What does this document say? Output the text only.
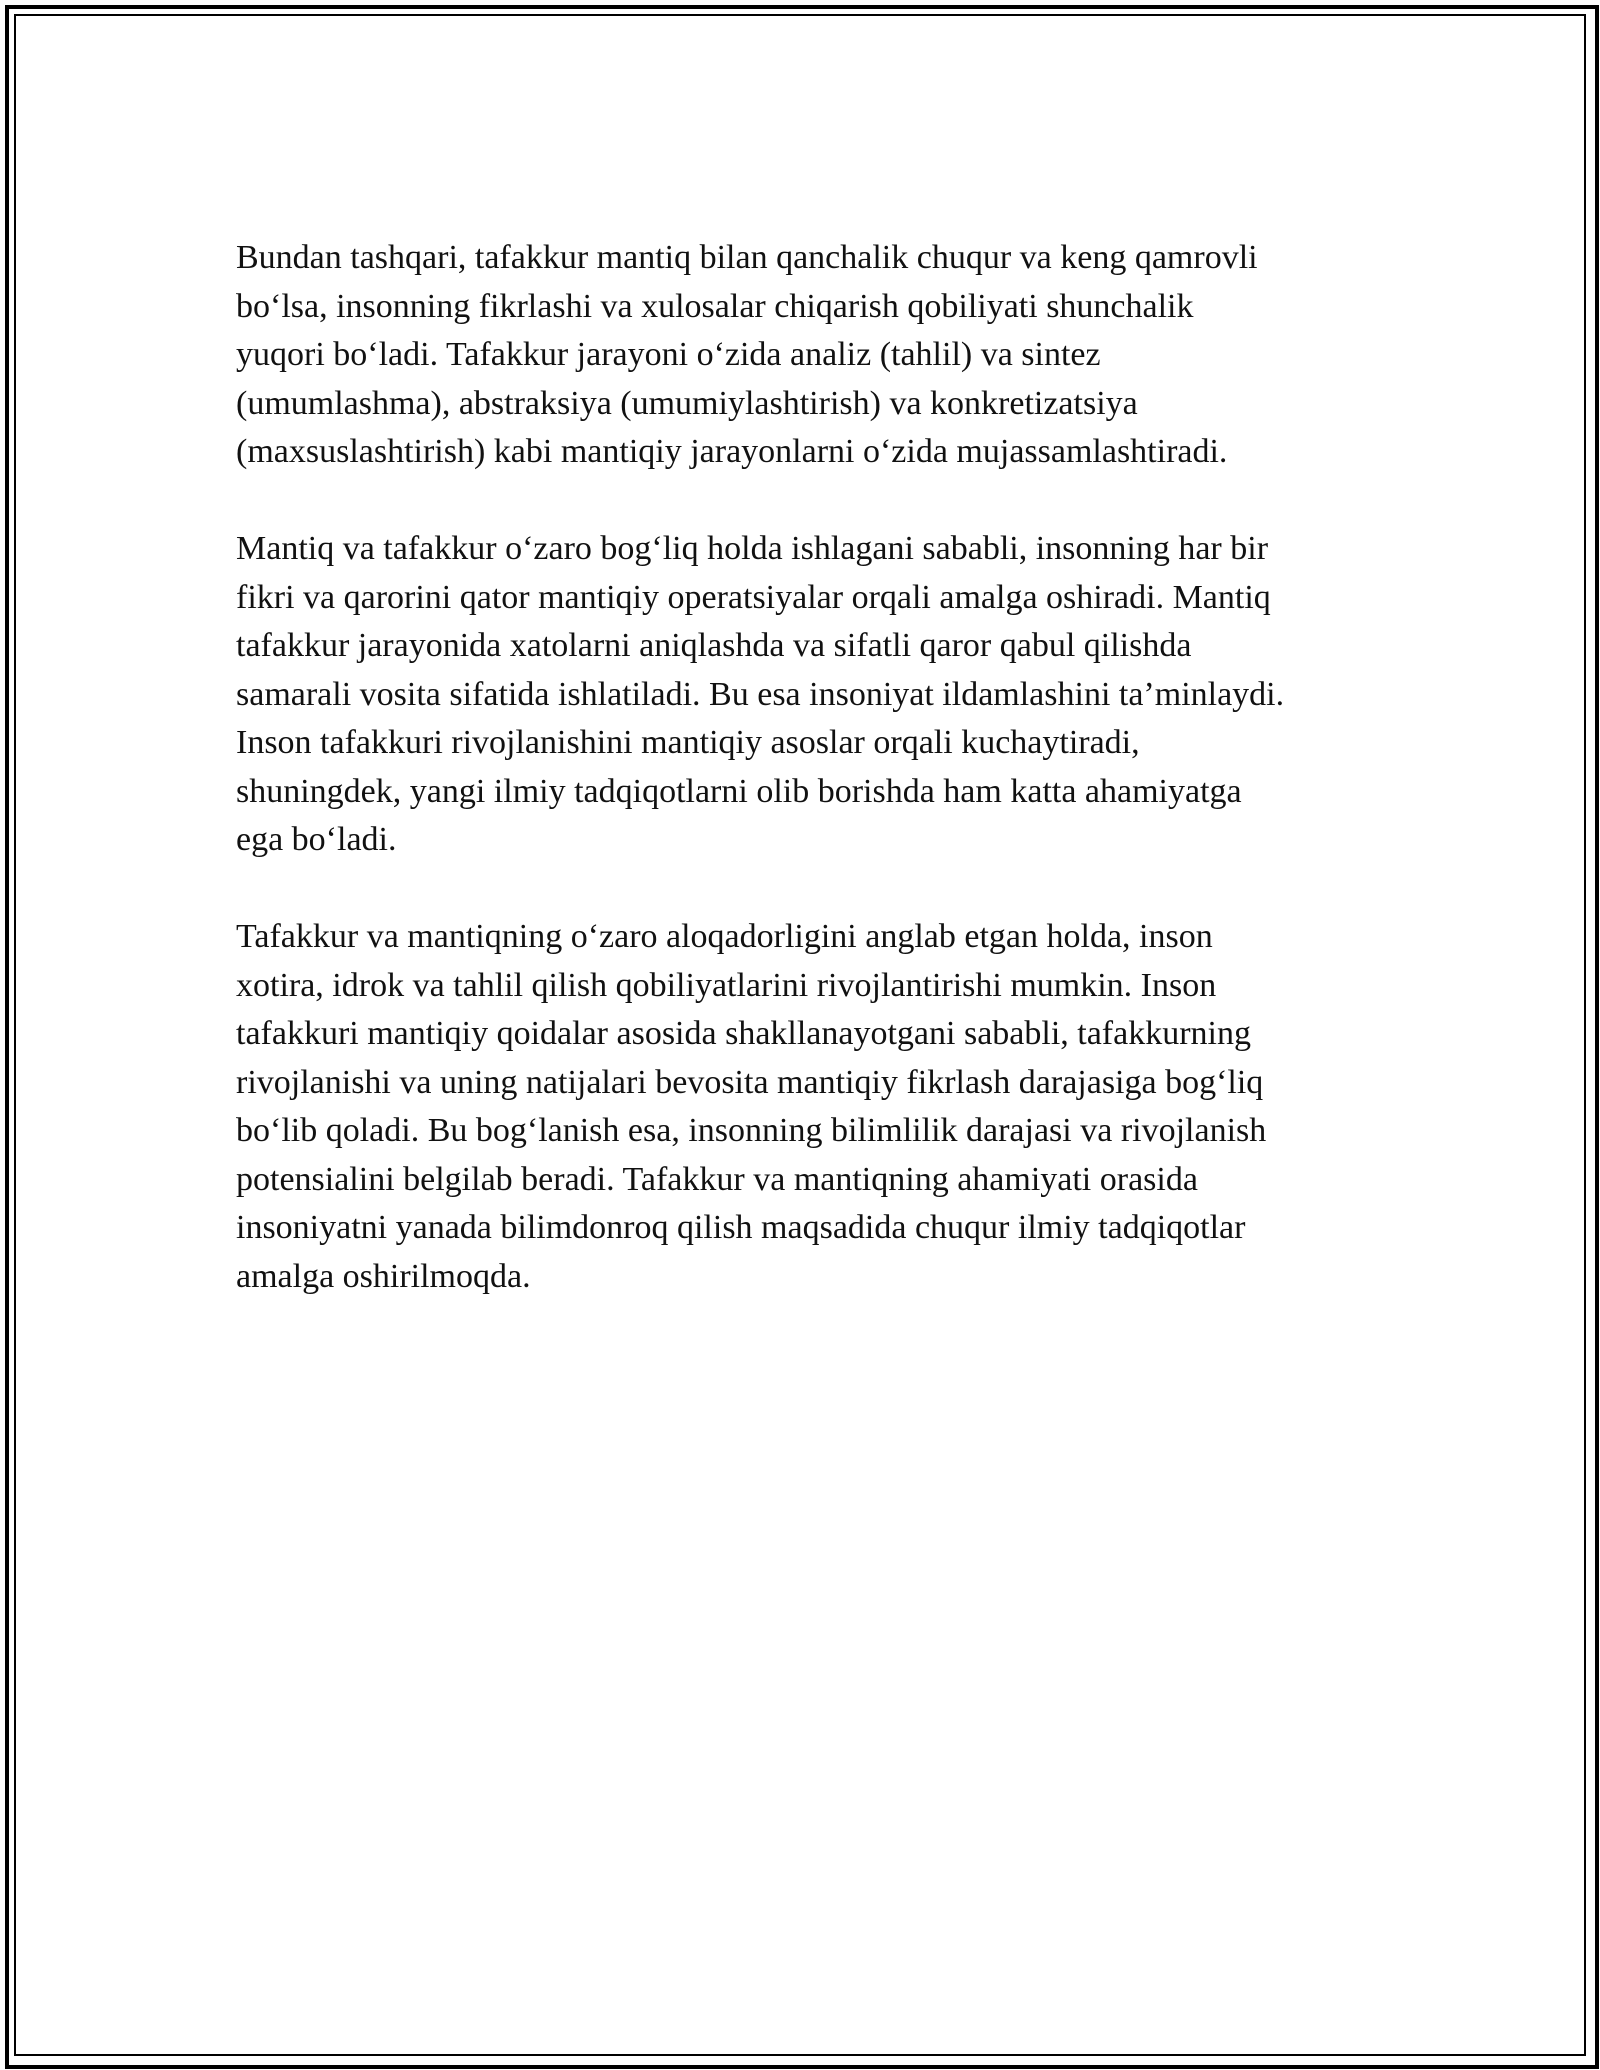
Bundan tashqari, tafakkur mantiq bilan qanchalik chuqur va keng qamrovli
bo‘lsa, insonning fikrlashi va xulosalar chiqarish qobiliyati shunchalik
yuqori bo‘ladi. Tafakkur jarayoni o‘zida analiz (tahlil) va sintez
(umumlashma), abstraksiya (umumiylashtirish) va konkretizatsiya
(maxsuslashtirish) kabi mantiqiy jarayonlarni o‘zida mujassamlashtiradi.

Mantiq va tafakkur o‘zaro bog‘liq holda ishlagani sababli, insonning har bir
fikri va qarorini qator mantiqiy operatsiyalar orqali amalga oshiradi. Mantiq
tafakkur jarayonida xatolarni aniqlashda va sifatli qaror qabul qilishda
samarali vosita sifatida ishlatiladi. Bu esa insoniyat ildamlashini ta’minlaydi.
Inson tafakkuri rivojlanishini mantiqiy asoslar orqali kuchaytiradi,
shuningdek, yangi ilmiy tadqiqotlarni olib borishda ham katta ahamiyatga
ega bo‘ladi.

Tafakkur va mantiqning o‘zaro aloqadorligini anglab etgan holda, inson
xotira, idrok va tahlil qilish qobiliyatlarini rivojlantirishi mumkin. Inson
tafakkuri mantiqiy qoidalar asosida shakllanayotgani sababli, tafakkurning
rivojlanishi va uning natijalari bevosita mantiqiy fikrlash darajasiga bog‘liq
bo‘lib qoladi. Bu bog‘lanish esa, insonning bilimlilik darajasi va rivojlanish
potensialini belgilab beradi. Tafakkur va mantiqning ahamiyati orasida
insoniyatni yanada bilimdonroq qilish maqsadida chuqur ilmiy tadqiqotlar
amalga oshirilmoqda.
